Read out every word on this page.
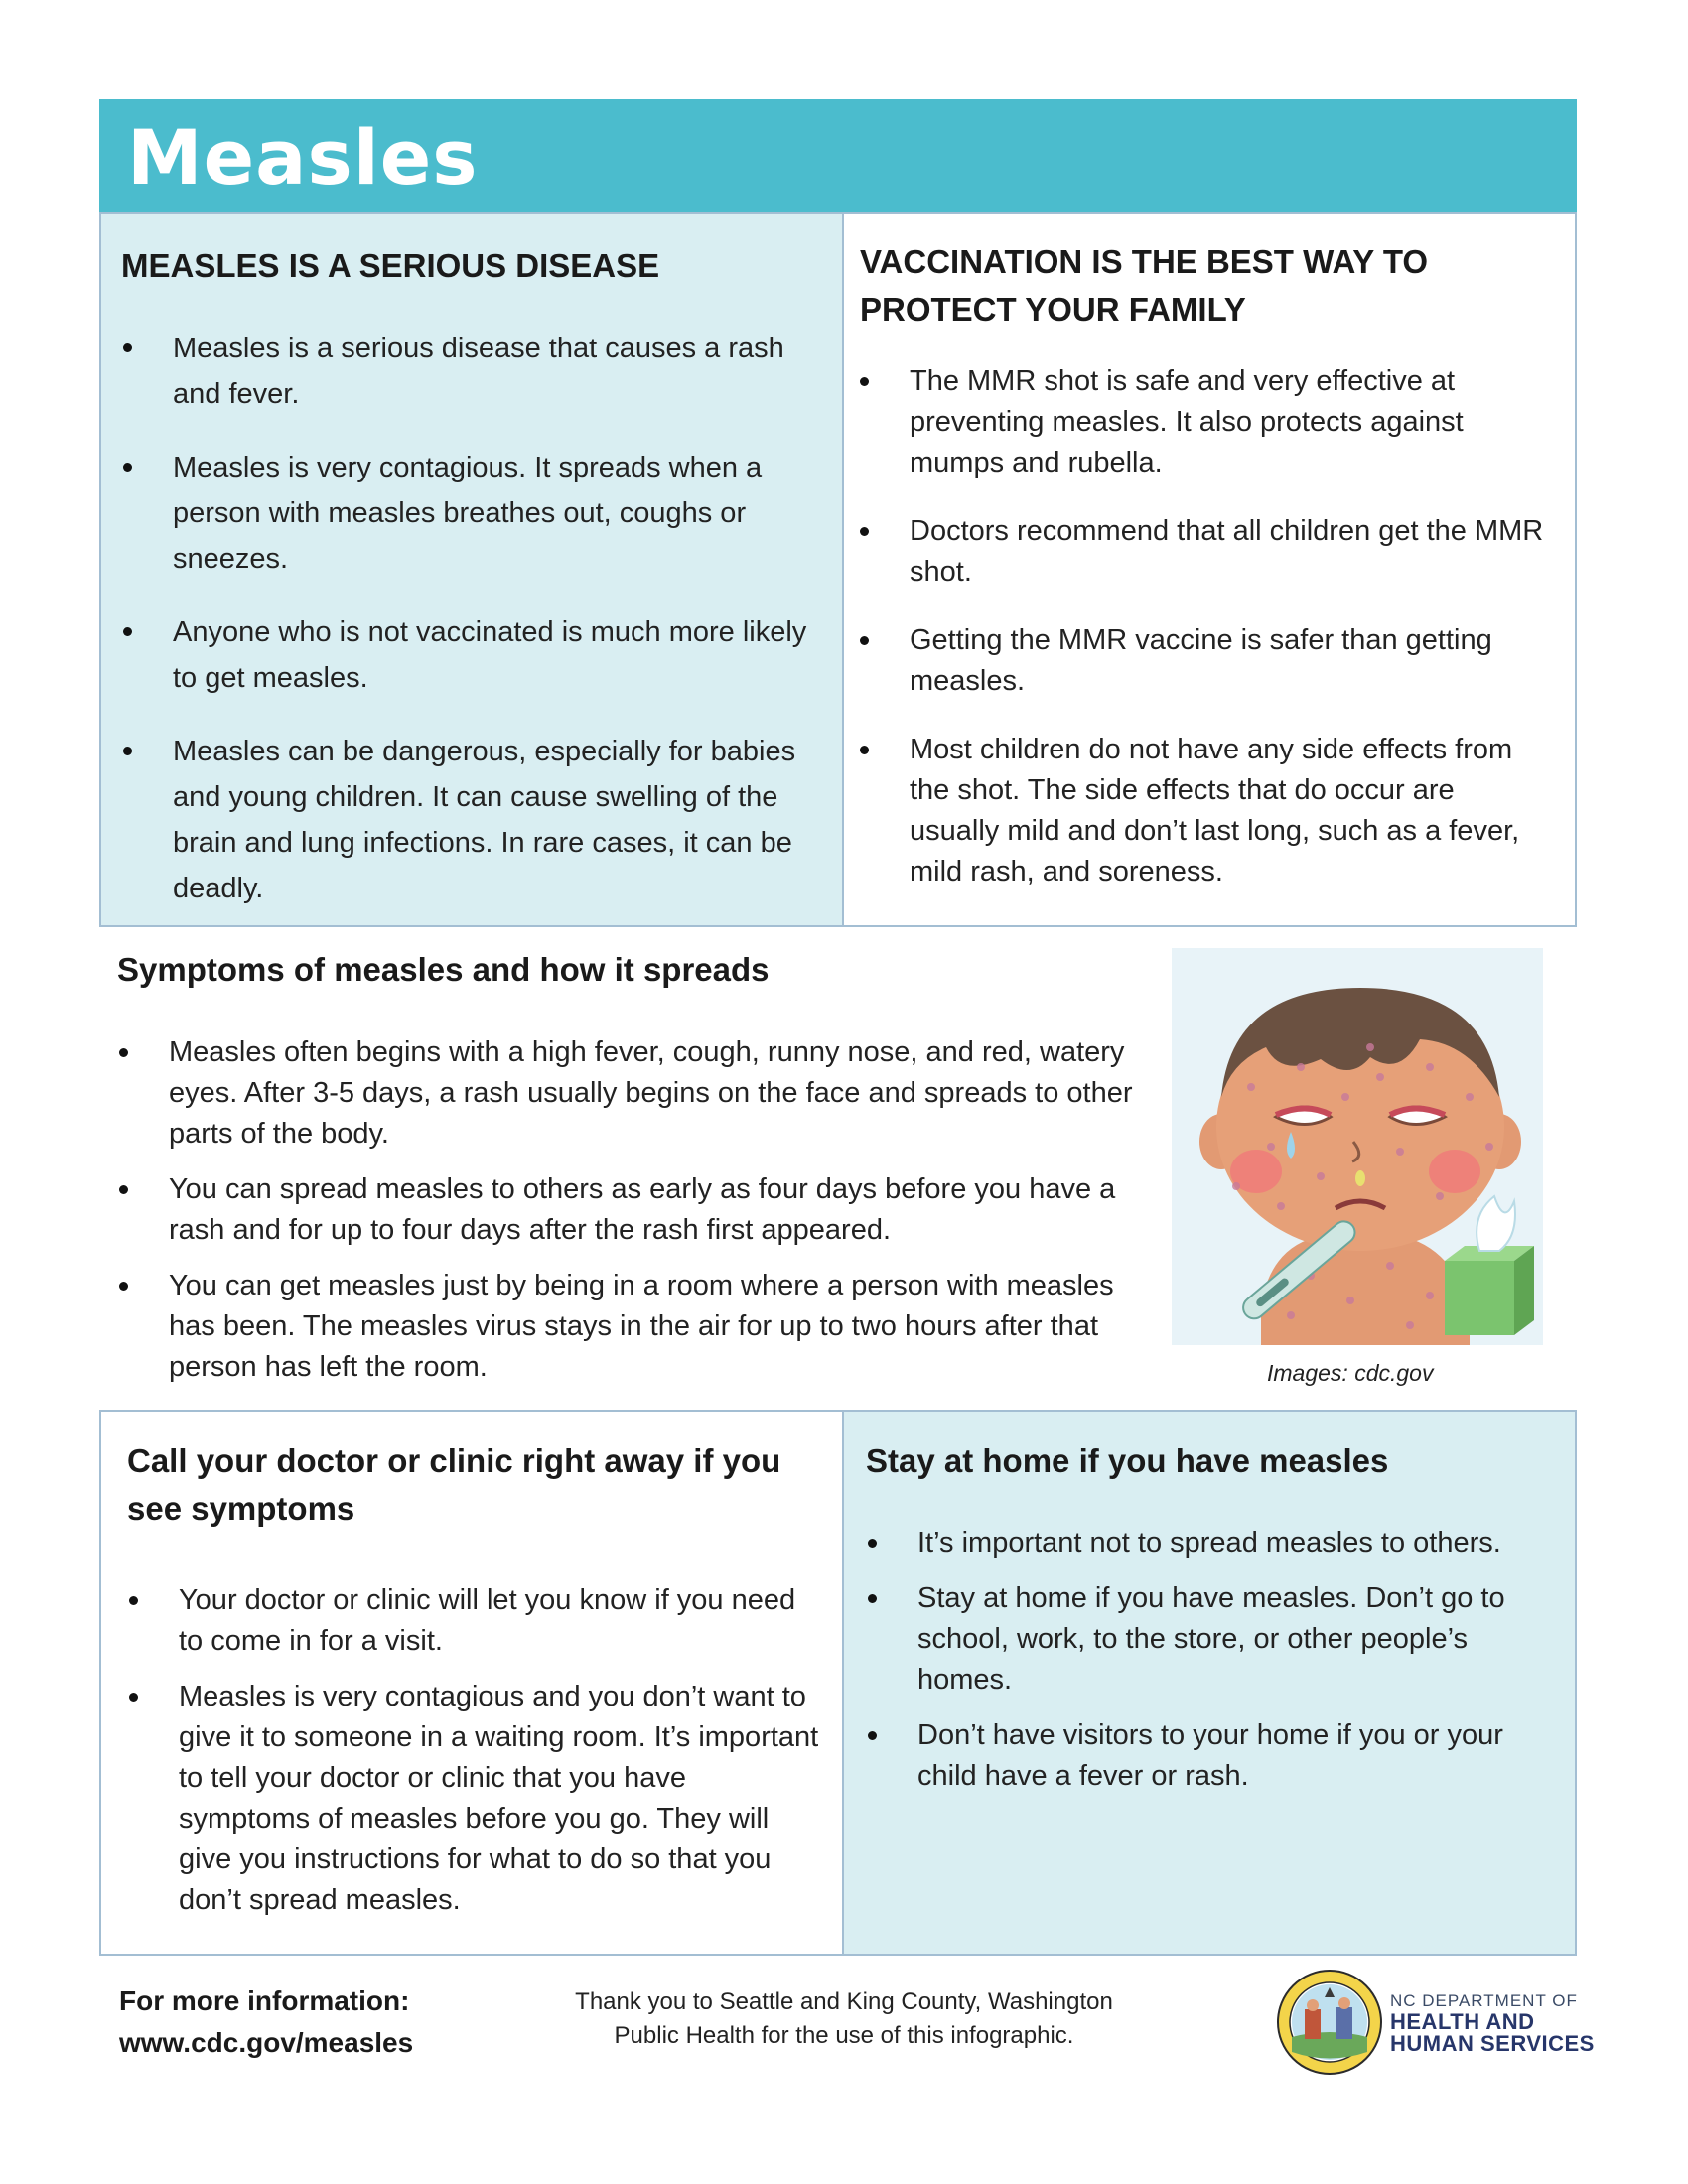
Measles
MEASLES IS A SERIOUS DISEASE
Measles is a serious disease that causes a rash and fever.
Measles is very contagious. It spreads when a person with measles breathes out, coughs or sneezes.
Anyone who is not vaccinated is much more likely to get measles.
Measles can be dangerous, especially for babies and young children. It can cause swelling of the brain and lung infections. In rare cases, it can be deadly.
VACCINATION IS THE BEST WAY TO PROTECT YOUR FAMILY
The MMR shot is safe and very effective at preventing measles. It also protects against mumps and rubella.
Doctors recommend that all children get the MMR shot.
Getting the MMR vaccine is safer than getting measles.
Most children do not have any side effects from the shot. The side effects that do occur are usually mild and don’t last long, such as a fever, mild rash, and soreness.
Symptoms of measles and how it spreads
Measles often begins with a high fever, cough, runny nose, and red, watery eyes. After 3-5 days, a rash usually begins on the face and spreads to other parts of the body.
You can spread measles to others as early as four days before you have a rash and for up to four days after the rash first appeared.
You can get measles just by being in a room where a person with measles has been. The measles virus stays in the air for up to two hours after that person has left the room.	Images: cdc.gov
Call your doctor or clinic right away if you see symptoms
Your doctor or clinic will let you know if you need to come in for a visit.
Measles is very contagious and you don’t want to give it to someone in a waiting room. It’s important to tell your doctor or clinic that you have symptoms of measles before you go. They will give you instructions for what to do so that you don’t spread measles.
Stay at home if you have measles
It’s important not to spread measles to others.
Stay at home if you have measles. Don’t go to school, work, to the store, or other people’s homes.
Don’t have visitors to your home if you or your child have a fever or rash.
For more information:
www.cdc.gov/measles
Thank you to Seattle and King County, Washington
Public Health for the use of this infographic.
NC DEPARTMENT OF
HEALTH AND
HUMAN SERVICES
